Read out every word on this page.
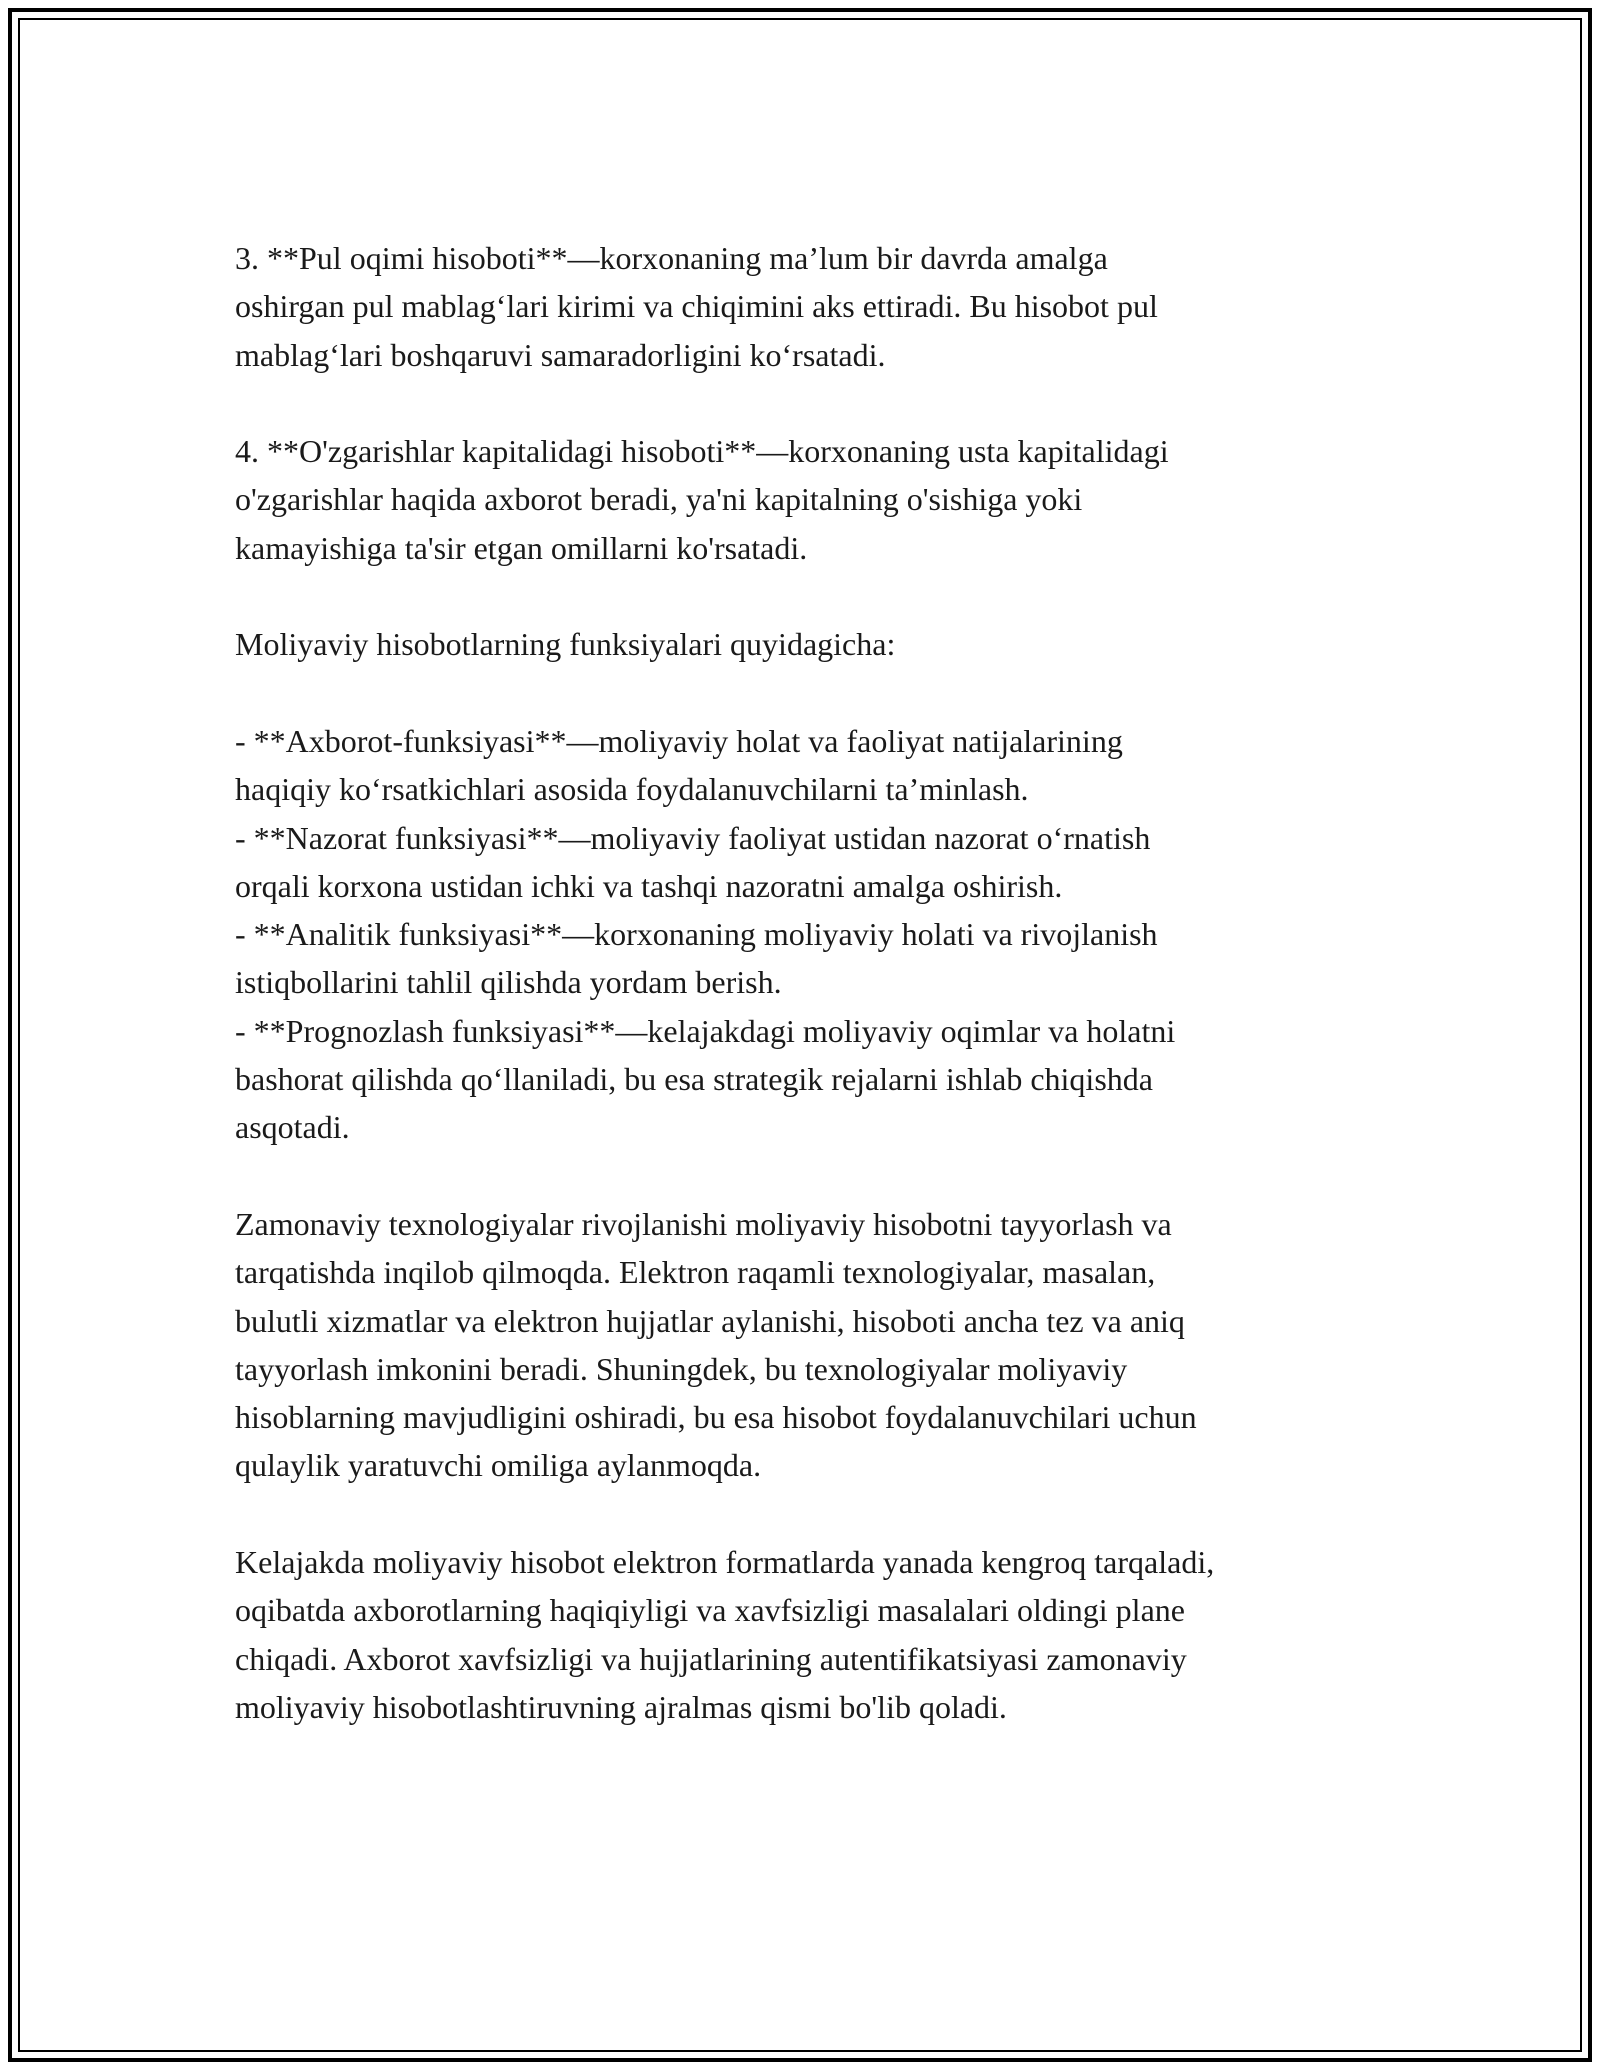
3. **Pul oqimi hisoboti**—korxonaning ma’lum bir davrda amalga
oshirgan pul mablag‘lari kirimi va chiqimini aks ettiradi. Bu hisobot pul
mablag‘lari boshqaruvi samaradorligini ko‘rsatadi.

4. **O'zgarishlar kapitalidagi hisoboti**—korxonaning usta kapitalidagi
o'zgarishlar haqida axborot beradi, ya'ni kapitalning o'sishiga yoki
kamayishiga ta'sir etgan omillarni ko'rsatadi.

Moliyaviy hisobotlarning funksiyalari quyidagicha:

- **Axborot-funksiyasi**—moliyaviy holat va faoliyat natijalarining
haqiqiy ko‘rsatkichlari asosida foydalanuvchilarni ta’minlash.
- **Nazorat funksiyasi**—moliyaviy faoliyat ustidan nazorat o‘rnatish
orqali korxona ustidan ichki va tashqi nazoratni amalga oshirish.
- **Analitik funksiyasi**—korxonaning moliyaviy holati va rivojlanish
istiqbollarini tahlil qilishda yordam berish.
- **Prognozlash funksiyasi**—kelajakdagi moliyaviy oqimlar va holatni
bashorat qilishda qo‘llaniladi, bu esa strategik rejalarni ishlab chiqishda
asqotadi.

Zamonaviy texnologiyalar rivojlanishi moliyaviy hisobotni tayyorlash va
tarqatishda inqilob qilmoqda. Elektron raqamli texnologiyalar, masalan,
bulutli xizmatlar va elektron hujjatlar aylanishi, hisoboti ancha tez va aniq
tayyorlash imkonini beradi. Shuningdek, bu texnologiyalar moliyaviy
hisoblarning mavjudligini oshiradi, bu esa hisobot foydalanuvchilari uchun
qulaylik yaratuvchi omiliga aylanmoqda.

Kelajakda moliyaviy hisobot elektron formatlarda yanada kengroq tarqaladi,
oqibatda axborotlarning haqiqiyligi va xavfsizligi masalalari oldingi plane
chiqadi. Axborot xavfsizligi va hujjatlarining autentifikatsiyasi zamonaviy
moliyaviy hisobotlashtiruvning ajralmas qismi bo'lib qoladi.
